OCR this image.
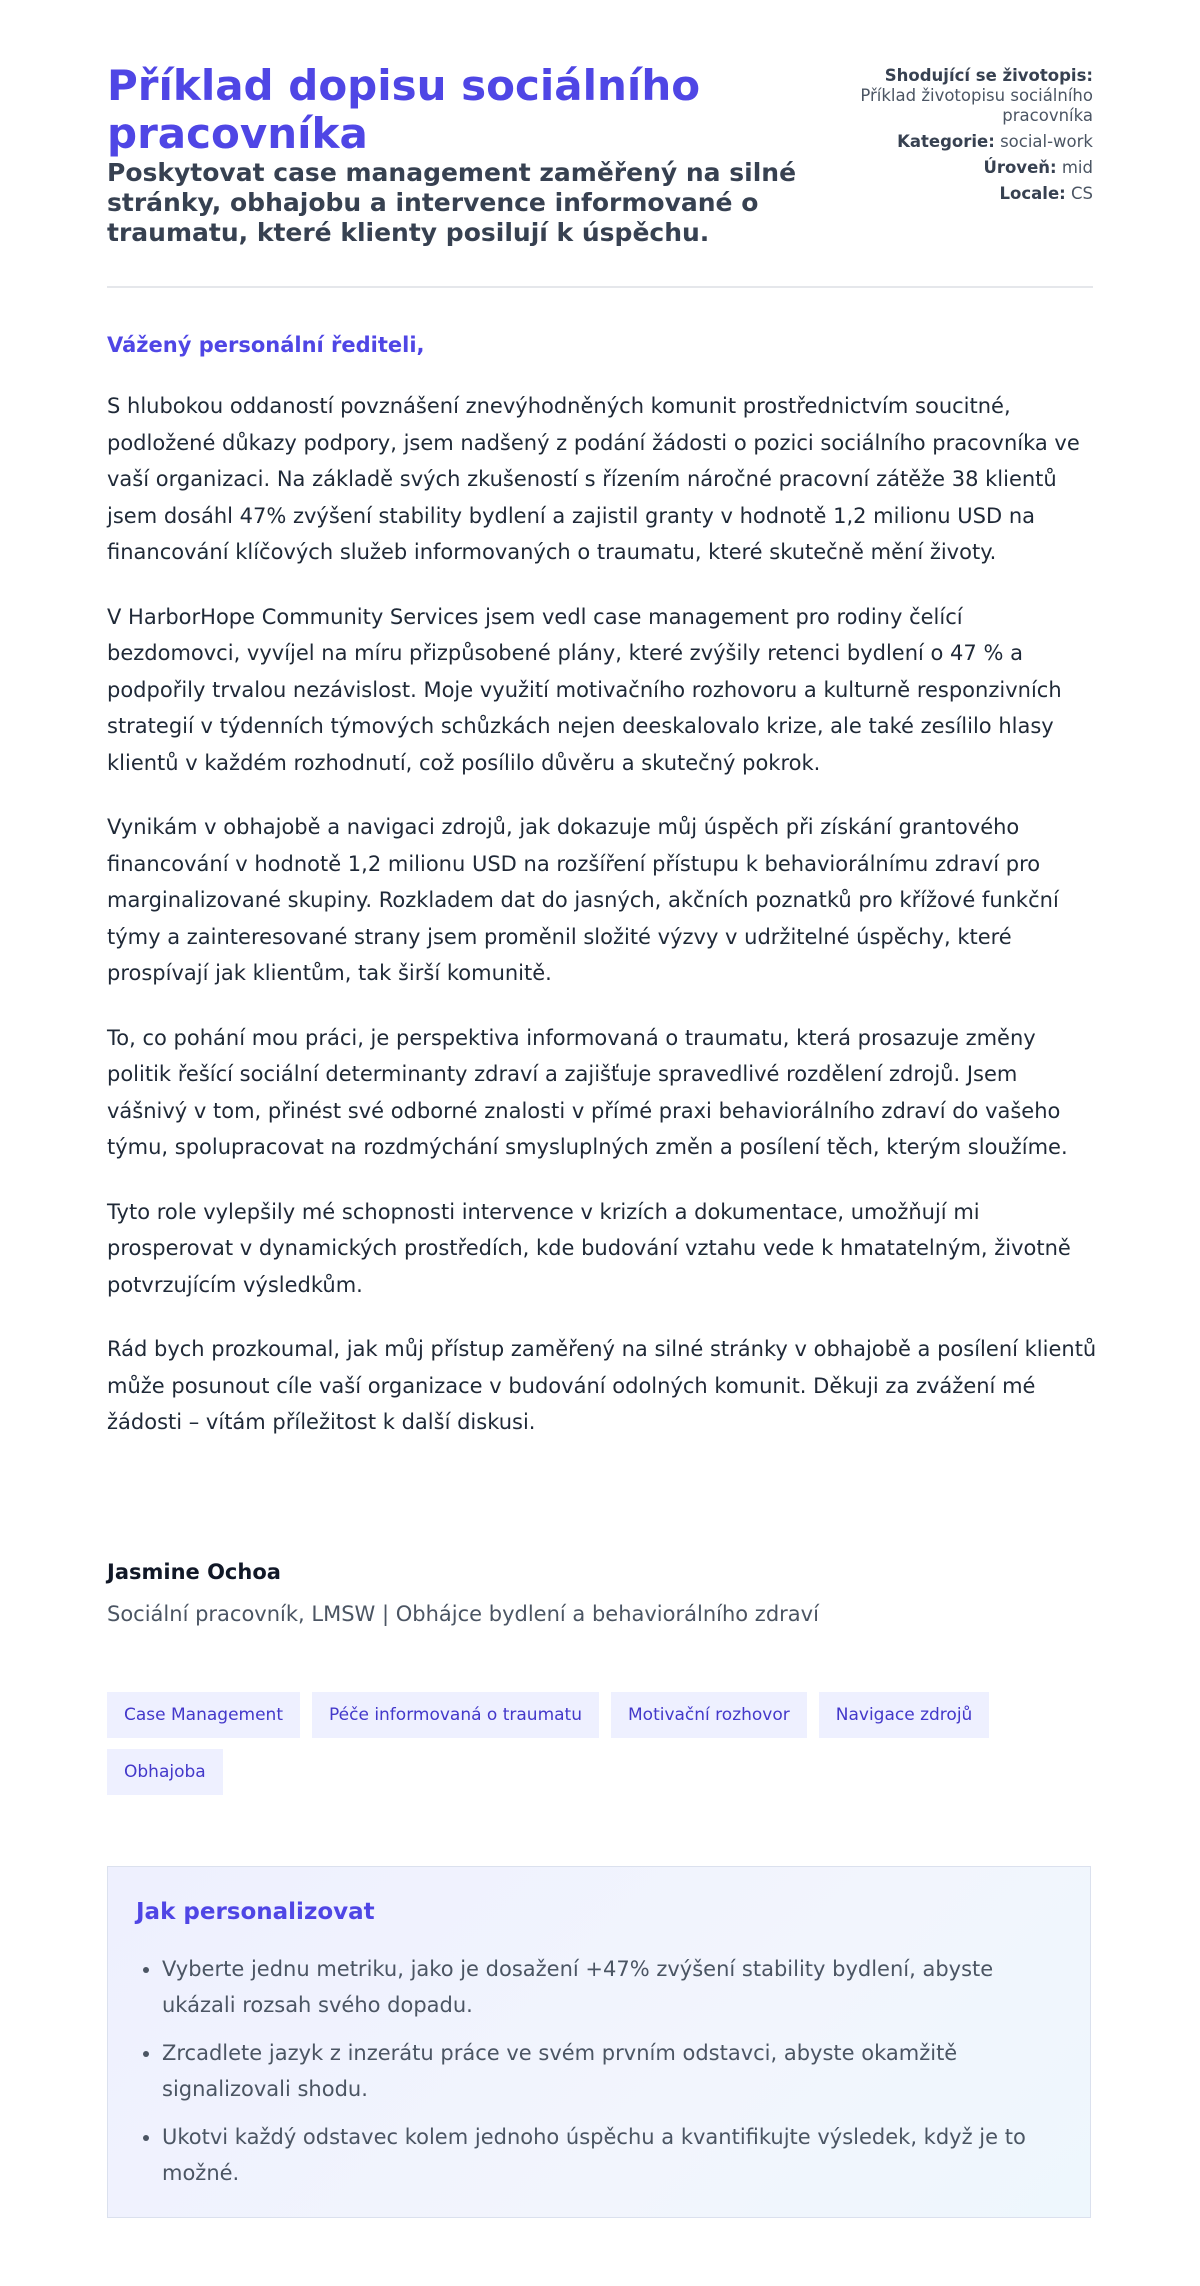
Příklad dopisu sociálního pracovníka

Poskytovat case management zaměřený na silné stránky, obhajobu a intervence informované o traumatu, které klienty posilují k úspěchu.

Shodující se životopis: Příklad životopisu sociálního pracovníka
Kategorie: social-work
Úroveň: mid
Locale: CS

Vážený personální řediteli,

S hlubokou oddaností povznášení znevýhodněných komunit prostřednictvím soucitné, podložené důkazy podpory, jsem nadšený z podání žádosti o pozici sociálního pracovníka ve vaší organizaci. Na základě svých zkušeností s řízením náročné pracovní zátěže 38 klientů jsem dosáhl 47% zvýšení stability bydlení a zajistil granty v hodnotě 1,2 milionu USD na financování klíčových služeb informovaných o traumatu, které skutečně mění životy.

V HarborHope Community Services jsem vedl case management pro rodiny čelící bezdomovci, vyvíjel na míru přizpůsobené plány, které zvýšily retenci bydlení o 47 % a podpořily trvalou nezávislost. Moje využití motivačního rozhovoru a kulturně responzivních strategií v týdenních týmových schůzkách nejen deeskalovalo krize, ale také zesílilo hlasy klientů v každém rozhodnutí, což posílilo důvěru a skutečný pokrok.

Vynikám v obhajobě a navigaci zdrojů, jak dokazuje můj úspěch při získání grantového financování v hodnotě 1,2 milionu USD na rozšíření přístupu k behaviorálnímu zdraví pro marginalizované skupiny. Rozkladem dat do jasných, akčních poznatků pro křížové funkční týmy a zainteresované strany jsem proměnil složité výzvy v udržitelné úspěchy, které prospívají jak klientům, tak širší komunitě.

To, co pohání mou práci, je perspektiva informovaná o traumatu, která prosazuje změny politik řešící sociální determinanty zdraví a zajišťuje spravedlivé rozdělení zdrojů. Jsem vášnivý v tom, přinést své odborné znalosti v přímé praxi behaviorálního zdraví do vašeho týmu, spolupracovat na rozdmýchání smysluplných změn a posílení těch, kterým sloužíme.

Tyto role vylepšily mé schopnosti intervence v krizích a dokumentace, umožňují mi prosperovat v dynamických prostředích, kde budování vztahu vede k hmatatelným, životně potvrzujícím výsledkům.

Rád bych prozkoumal, jak můj přístup zaměřený na silné stránky v obhajobě a posílení klientů může posunout cíle vaší organizace v budování odolných komunit. Děkuji za zvážení mé žádosti – vítám příležitost k další diskusi.

Jasmine Ochoa

Sociální pracovník, LMSW | Obhájce bydlení a behaviorálního zdraví

Case Management	Péče informovaná o traumatu	Motivační rozhovor	Navigace zdrojů
Obhajoba
Jak personalizovat
• Vyberte jednu metriku, jako je dosažení +47% zvýšení stability bydlení, abyste ukázali rozsah svého dopadu.
• Zrcadlete jazyk z inzerátu práce ve svém prvním odstavci, abyste okamžitě signalizovali shodu.
• Ukotvi každý odstavec kolem jednoho úspěchu a kvantifikujte výsledek, když je to možné.
